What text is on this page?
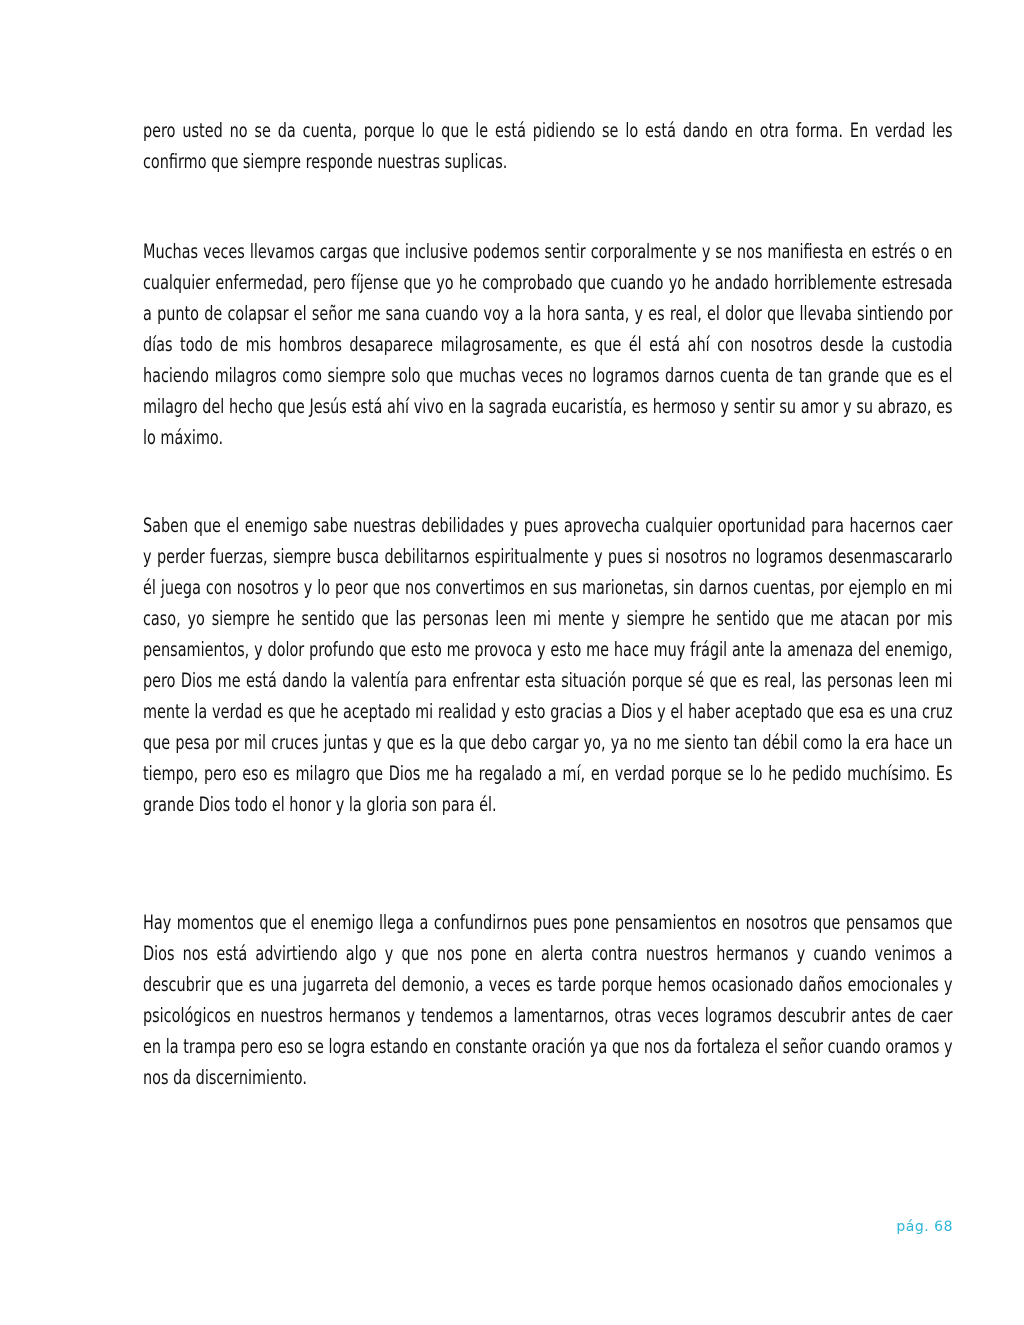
pero usted no se da cuenta, porque lo que le está pidiendo se lo está dando en otra forma. En verdad les confirmo que siempre responde nuestras suplicas.

Muchas veces llevamos cargas que inclusive podemos sentir corporalmente y se nos manifiesta en estrés o en cualquier enfermedad, pero fíjense que yo he comprobado que cuando yo he andado horriblemente estresada a punto de colapsar el señor me sana cuando voy a la hora santa, y es real, el dolor que llevaba sintiendo por días todo de mis hombros desaparece milagrosamente, es que él está ahí con nosotros desde la custodia haciendo milagros como siempre solo que muchas veces no logramos darnos cuenta de tan grande que es el milagro del hecho que Jesús está ahí vivo en la sagrada eucaristía, es hermoso y sentir su amor y su abrazo, es lo máximo.

Saben que el enemigo sabe nuestras debilidades y pues aprovecha cualquier oportunidad para hacernos caer y perder fuerzas, siempre busca debilitarnos espiritualmente y pues si nosotros no logramos desenmascararlo él juega con nosotros y lo peor que nos convertimos en sus marionetas, sin darnos cuentas, por ejemplo en mi caso, yo siempre he sentido que las personas leen mi mente y siempre he sentido que me atacan por mis pensamientos, y dolor profundo que esto me provoca y esto me hace muy frágil ante la amenaza del enemigo, pero Dios me está dando la valentía para enfrentar esta situación porque sé que es real, las personas leen mi mente la verdad es que he aceptado mi realidad y esto gracias a Dios y el haber aceptado que esa es una cruz que pesa por mil cruces juntas y que es la que debo cargar yo, ya no me siento tan débil como la era hace un tiempo, pero eso es milagro que Dios me ha regalado a mí, en verdad porque se lo he pedido muchísimo. Es grande Dios todo el honor y la gloria son para él.

Hay momentos que el enemigo llega a confundirnos pues pone pensamientos en nosotros que pensamos que Dios nos está advirtiendo algo y que nos pone en alerta contra nuestros hermanos y cuando venimos a descubrir que es una jugarreta del demonio, a veces es tarde porque hemos ocasionado daños emocionales y psicológicos en nuestros hermanos y tendemos a lamentarnos, otras veces logramos descubrir antes de caer en la trampa pero eso se logra estando en constante oración ya que nos da fortaleza el señor cuando oramos y nos da discernimiento.

pág. 68
